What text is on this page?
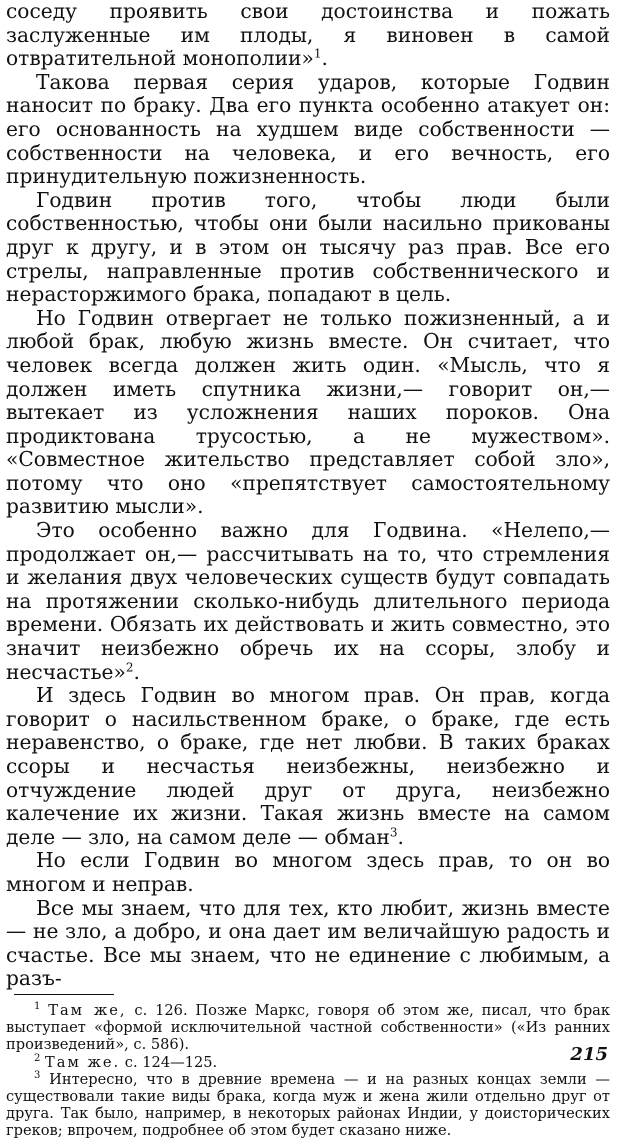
соседу проявить свои достоинства и пожать заслуженные им плоды, я виновен в самой отвратительной монополии»$^1$.

Такова первая серия ударов, которые Годвин наносит по браку. Два его пункта особенно атакует он: его основанность на худшем виде собственности — собственности на человека, и его вечность, его принудительную пожизненность.

Годвин против того, чтобы люди были собственностью, чтобы они были насильно прикованы друг к другу, и в этом он тысячу раз прав. Все его стрелы, направленные против собственнического и нерасторжимого брака, попадают в цель.

Но Годвин отвергает не только пожизненный, а и любой брак, любую жизнь вместе. Он считает, что человек всегда должен жить один. «Мысль, что я должен иметь спутника жизни,— говорит он,— вытекает из усложнения наших пороков. Она продиктована трусостью, а не мужеством». «Совместное жительство представляет собой зло», потому что оно «препятствует самостоятельному развитию мысли».

Это особенно важно для Годвина. «Нелепо,— продолжает он,— рассчитывать на то, что стремления и желания двух человеческих существ будут совпадать на протяжении сколько-нибудь длительного периода времени. Обязать их действовать и жить совместно, это значит неизбежно обречь их на ссоры, злобу и несчастье»$^2$.

И здесь Годвин во многом прав. Он прав, когда говорит о насильственном браке, о браке, где есть неравенство, о браке, где нет любви. В таких браках ссоры и несчастья неизбежны, неизбежно и отчуждение людей друг от друга, неизбежно калечение их жизни. Такая жизнь вместе на самом деле — зло, на самом деле — обман$^3$.

Но если Годвин во многом здесь прав, то он во многом и неправ.

Все мы знаем, что для тех, кто любит, жизнь вместе — не зло, а добро, и она дает им величайшую радость и счастье. Все мы знаем, что не единение с любимым, а разъ-

$^1$ Там же, с. 126. Позже Маркс, говоря об этом же, писал, что брак выступает «формой исключительной частной собственности» («Из ранних произведений», с. 586).

$^2$ Там же. с. 124—125.

$^3$ Интересно, что в древние времена — и на разных концах земли — существовали такие виды брака, когда муж и жена жили отдельно друг от друга. Так было, например, в некоторых районах Индии, у доисторических греков; впрочем, подробнее об этом будет сказано ниже.

215
